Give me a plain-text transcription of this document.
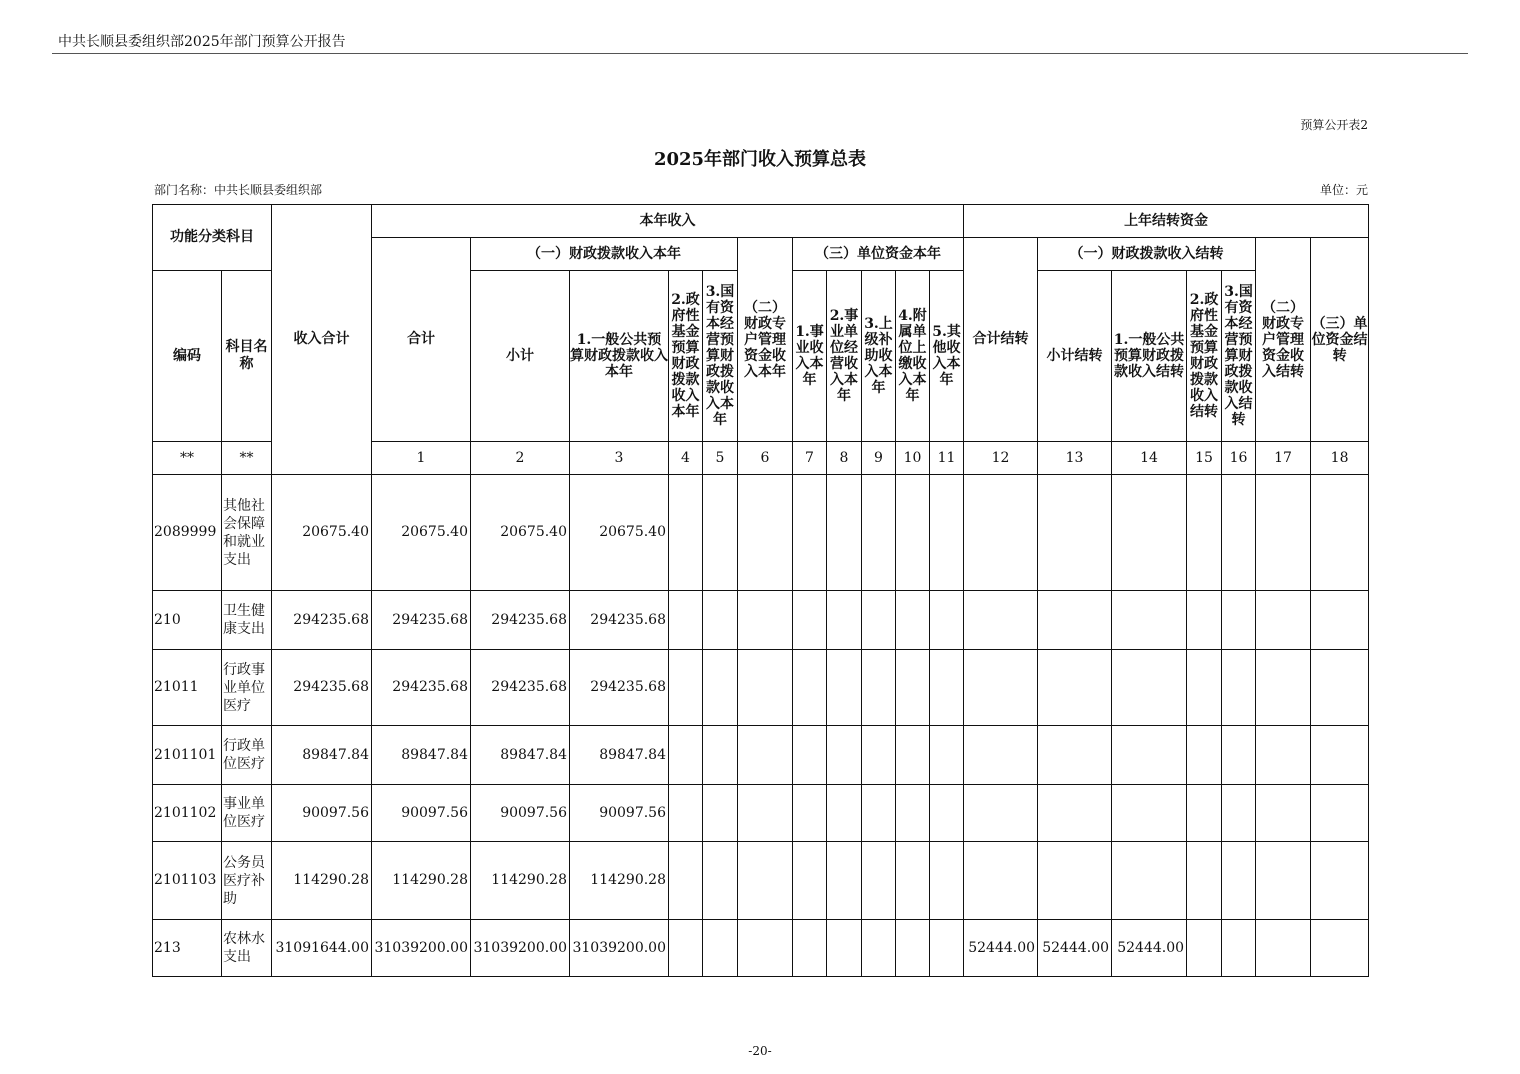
中共长顺县委组织部2025年部门预算公开报告
预算公开表2
2025年部门收入预算总表
部门名称：中共长顺县委组织部	单位：元
功能分类科目		收入合计	本年收入											上年结转资金						
			合计	（一）财政拨款收入本年				（二）财政专户管理资金收入本年	（三）单位资金本年					合计结转	（一）财政拨款收入结转				（二）财政专户管理资金收入结转	（三）单位资金结转
编码	科目名称			小计	1.一般公共预算财政拨款收入本年	2.政府性基金预算财政拨款收入本年	3.国有资本经营预算财政拨款收入本年		1.事业收入本年	2.事业单位经营收入本年	3.上级补助收入本年	4.附属单位上缴收入本年	5.其他收入本年		小计结转	1.一般公共预算财政拨款收入结转	2.政府性基金预算财政拨款收入结转	3.国有资本经营预算财政拨款收入结转		
**	**		1	2	3	4	5	6	7	8	9	10	11	12	13	14	15	16	17	18
2089999	其他社会保障和就业支出	20675.40	20675.40	20675.40	20675.40															
210	卫生健康支出	294235.68	294235.68	294235.68	294235.68															
21011	行政事业单位医疗	294235.68	294235.68	294235.68	294235.68															
2101101	行政单位医疗	89847.84	89847.84	89847.84	89847.84															
2101102	事业单位医疗	90097.56	90097.56	90097.56	90097.56															
2101103	公务员医疗补助	114290.28	114290.28	114290.28	114290.28															
213	农林水支出	31091644.00	31039200.00	31039200.00	31039200.00									52444.00	52444.00	52444.00				
-20-
